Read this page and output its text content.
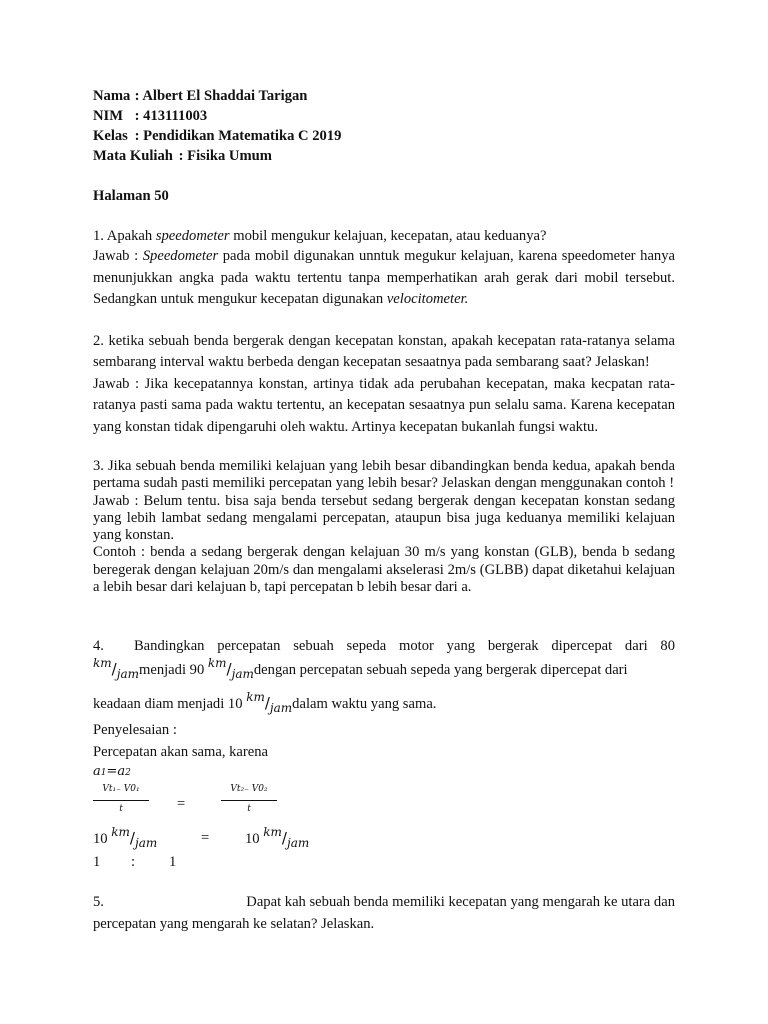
Nama : Albert El Shaddai Tarigan

NIM : 413111003

Kelas : Pendidikan Matematika C 2019

Mata Kuliah : Fisika Umum

Halaman 50

1. Apakah speedometer mobil mengukur kelajuan, kecepatan, atau keduanya?

Jawab : Speedometer pada mobil digunakan unntuk megukur kelajuan, karena speedometer hanya menunjukkan angka pada waktu tertentu tanpa memperhatikan arah gerak dari mobil tersebut. Sedangkan untuk mengukur kecepatan digunakan velocitometer.

2. ketika sebuah benda bergerak dengan kecepatan konstan, apakah kecepatan rata-ratanya selama sembarang interval waktu berbeda dengan kecepatan sesaatnya pada sembarang saat? Jelaskan!

Jawab : Jika kecepatannya konstan, artinya tidak ada perubahan kecepatan, maka kecpatan rata-ratanya pasti sama pada waktu tertentu, an kecepatan sesaatnya pun selalu sama. Karena kecepatan yang konstan tidak dipengaruhi oleh waktu. Artinya kecepatan bukanlah fungsi waktu.

3. Jika sebuah benda memiliki kelajuan yang lebih besar dibandingkan benda kedua, apakah benda pertama sudah pasti memiliki percepatan yang lebih besar? Jelaskan dengan menggunakan contoh !

Jawab : Belum tentu. bisa saja benda tersebut sedang bergerak dengan kecepatan konstan sedang yang lebih lambat sedang mengalami percepatan, ataupun bisa juga keduanya memiliki kelajuan yang konstan.

Contoh : benda a sedang bergerak dengan kelajuan 30 m/s yang konstan (GLB), benda b sedang beregerak dengan kelajuan 20m/s dan mengalami akselerasi 2m/s (GLBB) dapat diketahui kelajuan a lebih besar dari kelajuan b, tapi percepatan b lebih besar dari a.

4. Bandingkan percepatan sebuah sepeda motor yang bergerak dipercepat dari 80

$^{km}/_{jam}menjadi$ 90 $^{km}/_{jam}dengan$ percepatan sebuah sepeda yang bergerak dipercepat dari

keadaan diam menjadi 10 $^{km}/_{jam}dalam$ waktu yang sama.

Penyelesaian :

Percepatan akan sama, karena

a1=a2

Vt₁₋ V0₁
t	=
Vt₂₋ V0₂
t
10 $^{km}/_{jam}$	= 10 $^{km}/_{jam}$
1 : 1

5.	Dapat kah sebuah benda memiliki kecepatan yang mengarah ke utara dan

percepatan yang mengarah ke selatan? Jelaskan.
